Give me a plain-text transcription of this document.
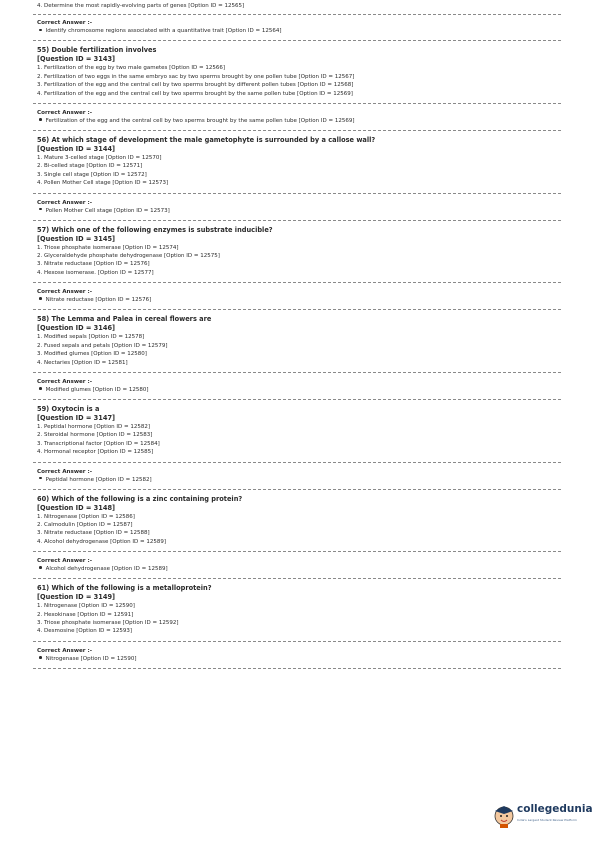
4. Determine the most rapidly-evolving parts of genes [Option ID = 12565]
Correct Answer :-
Identify chromosome regions associated with a quantitative trait [Option ID = 12564]
55) Double fertilization involves
[Question ID = 3143]
1. Fertilization of the egg by two male gametes [Option ID = 12566]
2. Fertilization of two eggs in the same embryo sac by two sperms brought by one pollen tube [Option ID = 12567]
3. Fertilization of the egg and the central cell by two sperms brought by different pollen tubes [Option ID = 12568]
4. Fertilization of the egg and the central cell by two sperms brought by the same pollen tube [Option ID = 12569]
Correct Answer :-
Fertilization of the egg and the central cell by two sperms brought by the same pollen tube [Option ID = 12569]
56) At which stage of development the male gametophyte is surrounded by a callose wall?
[Question ID = 3144]
1. Mature 3-celled stage [Option ID = 12570]
2. Bi-celled stage [Option ID = 12571]
3. Single cell stage [Option ID = 12572]
4. Pollen Mother Cell stage [Option ID = 12573]
Correct Answer :-
Pollen Mother Cell stage [Option ID = 12573]
57) Which one of the following enzymes is substrate inducible?
[Question ID = 3145]
1. Triose phosphate isomerase [Option ID = 12574]
2. Glyceraldehyde phosphate dehydrogenase [Option ID = 12575]
3. Nitrate reductase [Option ID = 12576]
4. Hexose isomerase. [Option ID = 12577]
Correct Answer :-
Nitrate reductase [Option ID = 12576]
58) The Lemma and Palea in cereal flowers are
[Question ID = 3146]
1. Modified sepals [Option ID = 12578]
2. Fused sepals and petals [Option ID = 12579]
3. Modified glumes [Option ID = 12580]
4. Nectaries [Option ID = 12581]
Correct Answer :-
Modified glumes [Option ID = 12580]
59) Oxytocin is a
[Question ID = 3147]
1. Peptidal hormone [Option ID = 12582]
2. Steroidal hormone [Option ID = 12583]
3. Transcriptional factor [Option ID = 12584]
4. Hormonal receptor [Option ID = 12585]
Correct Answer :-
Peptidal hormone [Option ID = 12582]
60) Which of the following is a zinc containing protein?
[Question ID = 3148]
1. Nitrogenase [Option ID = 12586]
2. Calmodulin [Option ID = 12587]
3. Nitrate reductase [Option ID = 12588]
4. Alcohol dehydrogenase [Option ID = 12589]
Correct Answer :-
Alcohol dehydrogenase [Option ID = 12589]
61) Which of the following is a metalloprotein?
[Question ID = 3149]
1. Nitrogenase [Option ID = 12590]
2. Hexokinase [Option ID = 12591]
3. Triose phosphate isomerase [Option ID = 12592]
4. Desmosine [Option ID = 12593]
Correct Answer :-
Nitrogenase [Option ID = 12590]
collegedunia
India's Largest Student Review Platform
